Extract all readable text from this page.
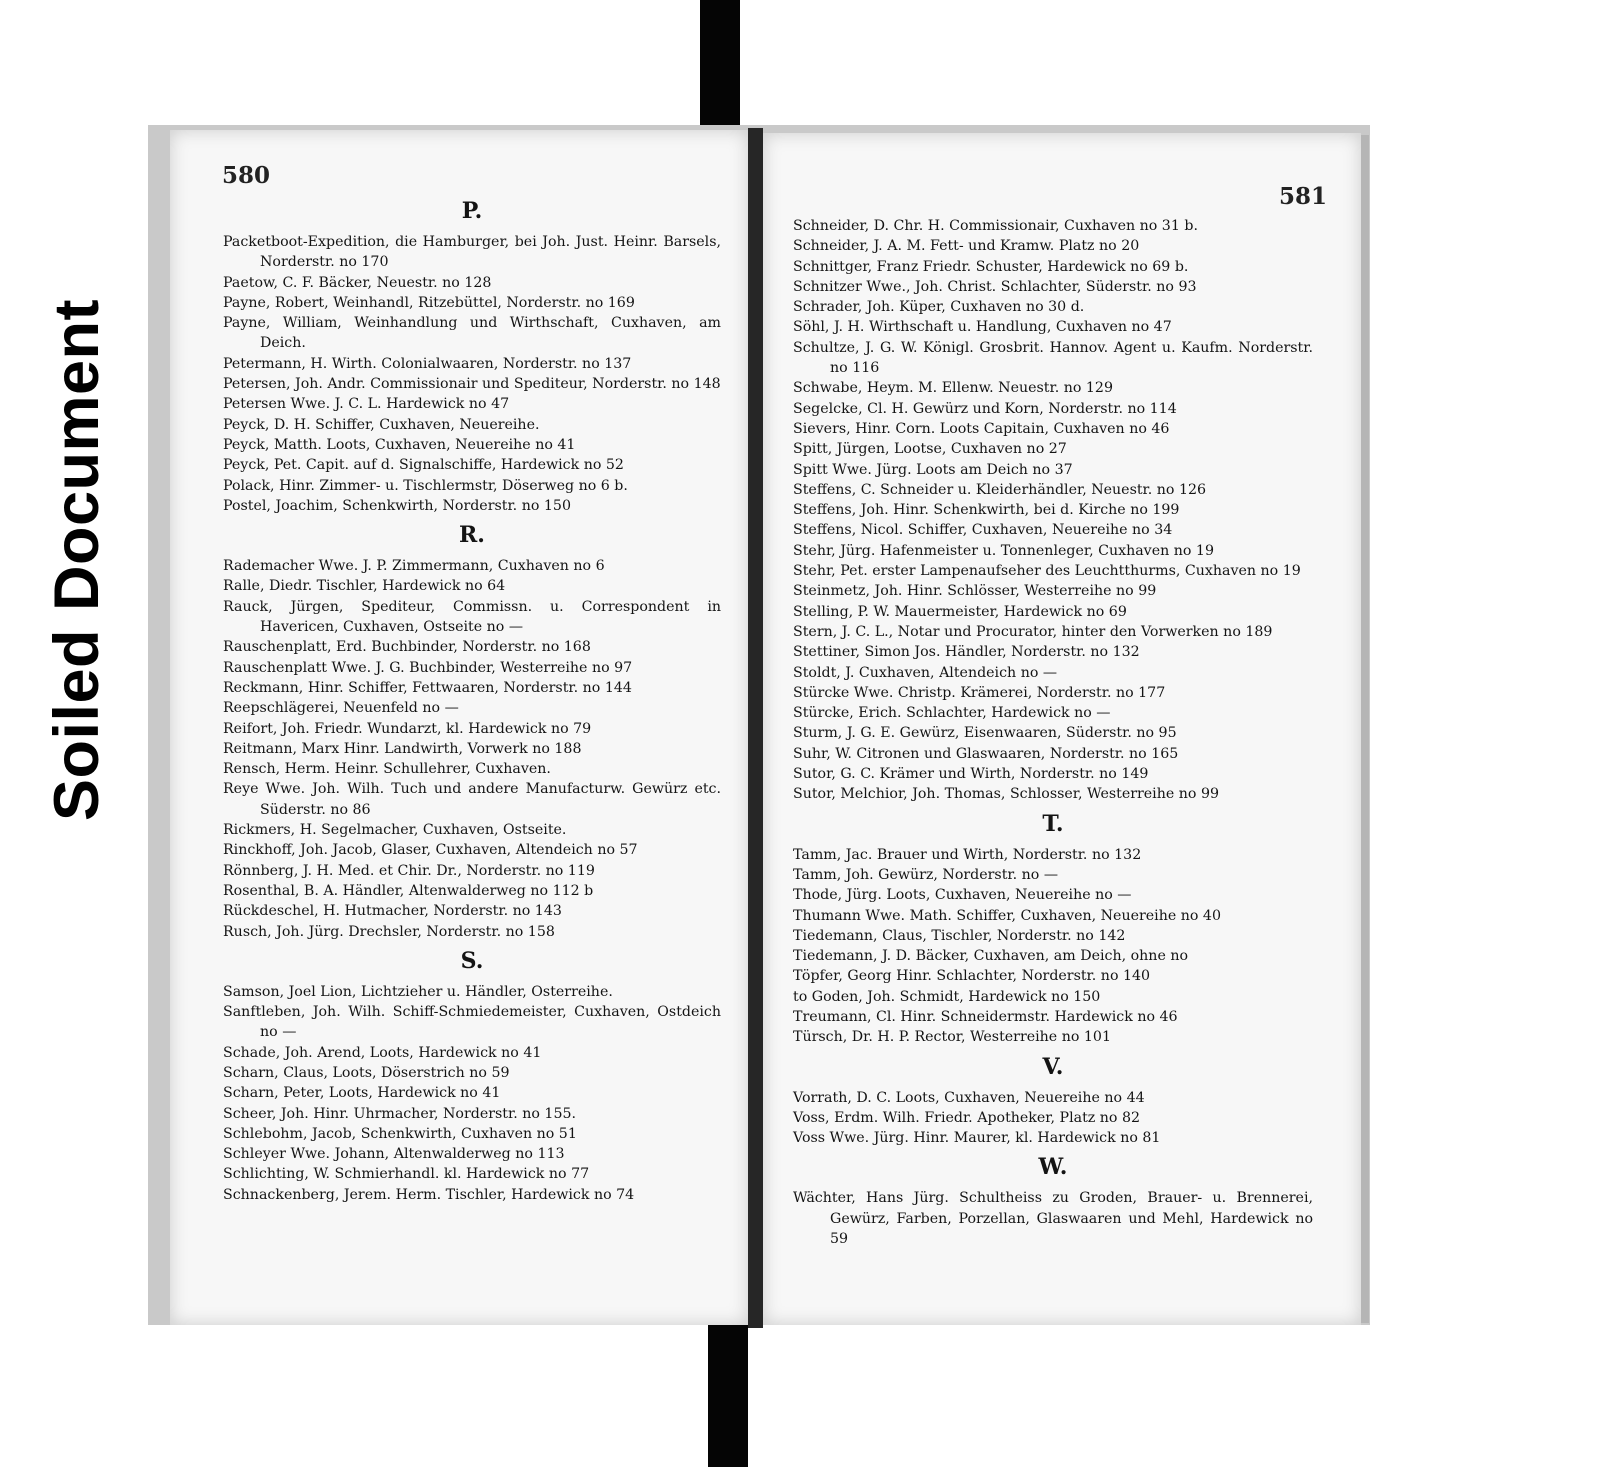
Soiled Document
580
P.
Packetboot-Expedition, die Hamburger, bei Joh. Just. Heinr. Barsels, Norderstr. no 170
Paetow, C. F. Bäcker, Neuestr. no 128
Payne, Robert, Weinhandl, Ritzebüttel, Norderstr. no 169
Payne, William, Weinhandlung und Wirthschaft, Cuxhaven, am Deich.
Petermann, H. Wirth. Colonialwaaren, Norderstr. no 137
Petersen, Joh. Andr. Commissionair und Spediteur, Norderstr. no 148
Petersen Wwe. J. C. L. Hardewick no 47
Peyck, D. H. Schiffer, Cuxhaven, Neuereihe.
Peyck, Matth. Loots, Cuxhaven, Neuereihe no 41
Peyck, Pet. Capit. auf d. Signalschiffe, Hardewick no 52
Polack, Hinr. Zimmer- u. Tischlermstr, Döserweg no 6 b.
Postel, Joachim, Schenkwirth, Norderstr. no 150
R.
Rademacher Wwe. J. P. Zimmermann, Cuxhaven no 6
Ralle, Diedr. Tischler, Hardewick no 64
Rauck, Jürgen, Spediteur, Commissn. u. Correspondent in Havericen, Cuxhaven, Ostseite no —
Rauschenplatt, Erd. Buchbinder, Norderstr. no 168
Rauschenplatt Wwe. J. G. Buchbinder, Westerreihe no 97
Reckmann, Hinr. Schiffer, Fettwaaren, Norderstr. no 144
Reepschlägerei, Neuenfeld no —
Reifort, Joh. Friedr. Wundarzt, kl. Hardewick no 79
Reitmann, Marx Hinr. Landwirth, Vorwerk no 188
Rensch, Herm. Heinr. Schullehrer, Cuxhaven.
Reye Wwe. Joh. Wilh. Tuch und andere Manufacturw. Gewürz etc. Süderstr. no 86
Rickmers, H. Segelmacher, Cuxhaven, Ostseite.
Rinckhoff, Joh. Jacob, Glaser, Cuxhaven, Altendeich no 57
Rönnberg, J. H. Med. et Chir. Dr., Norderstr. no 119
Rosenthal, B. A. Händler, Altenwalderweg no 112 b
Rückdeschel, H. Hutmacher, Norderstr. no 143
Rusch, Joh. Jürg. Drechsler, Norderstr. no 158
S.
Samson, Joel Lion, Lichtzieher u. Händler, Osterreihe.
Sanftleben, Joh. Wilh. Schiff-Schmiedemeister, Cuxhaven, Ostdeich no —
Schade, Joh. Arend, Loots, Hardewick no 41
Scharn, Claus, Loots, Döserstrich no 59
Scharn, Peter, Loots, Hardewick no 41
Scheer, Joh. Hinr. Uhrmacher, Norderstr. no 155.
Schlebohm, Jacob, Schenkwirth, Cuxhaven no 51
Schleyer Wwe. Johann, Altenwalderweg no 113
Schlichting, W. Schmierhandl. kl. Hardewick no 77
Schnackenberg, Jerem. Herm. Tischler, Hardewick no 74
581
Schneider, D. Chr. H. Commissionair, Cuxhaven no 31 b.
Schneider, J. A. M. Fett- und Kramw. Platz no 20
Schnittger, Franz Friedr. Schuster, Hardewick no 69 b.
Schnitzer Wwe., Joh. Christ. Schlachter, Süderstr. no 93
Schrader, Joh. Küper, Cuxhaven no 30 d.
Söhl, J. H. Wirthschaft u. Handlung, Cuxhaven no 47
Schultze, J. G. W. Königl. Grosbrit. Hannov. Agent u. Kaufm. Norderstr. no 116
Schwabe, Heym. M. Ellenw. Neuestr. no 129
Segelcke, Cl. H. Gewürz und Korn, Norderstr. no 114
Sievers, Hinr. Corn. Loots Capitain, Cuxhaven no 46
Spitt, Jürgen, Lootse, Cuxhaven no 27
Spitt Wwe. Jürg. Loots am Deich no 37
Steffens, C. Schneider u. Kleiderhändler, Neuestr. no 126
Steffens, Joh. Hinr. Schenkwirth, bei d. Kirche no 199
Steffens, Nicol. Schiffer, Cuxhaven, Neuereihe no 34
Stehr, Jürg. Hafenmeister u. Tonnenleger, Cuxhaven no 19
Stehr, Pet. erster Lampenaufseher des Leuchtthurms, Cuxhaven no 19
Steinmetz, Joh. Hinr. Schlösser, Westerreihe no 99
Stelling, P. W. Mauermeister, Hardewick no 69
Stern, J. C. L., Notar und Procurator, hinter den Vorwerken no 189
Stettiner, Simon Jos. Händler, Norderstr. no 132
Stoldt, J. Cuxhaven, Altendeich no —
Stürcke Wwe. Christp. Krämerei, Norderstr. no 177
Stürcke, Erich. Schlachter, Hardewick no —
Sturm, J. G. E. Gewürz, Eisenwaaren, Süderstr. no 95
Suhr, W. Citronen und Glaswaaren, Norderstr. no 165
Sutor, G. C. Krämer und Wirth, Norderstr. no 149
Sutor, Melchior, Joh. Thomas, Schlosser, Westerreihe no 99
T.
Tamm, Jac. Brauer und Wirth, Norderstr. no 132
Tamm, Joh. Gewürz, Norderstr. no —
Thode, Jürg. Loots, Cuxhaven, Neuereihe no —
Thumann Wwe. Math. Schiffer, Cuxhaven, Neuereihe no 40
Tiedemann, Claus, Tischler, Norderstr. no 142
Tiedemann, J. D. Bäcker, Cuxhaven, am Deich, ohne no
Töpfer, Georg Hinr. Schlachter, Norderstr. no 140
to Goden, Joh. Schmidt, Hardewick no 150
Treumann, Cl. Hinr. Schneidermstr. Hardewick no 46
Türsch, Dr. H. P. Rector, Westerreihe no 101
V.
Vorrath, D. C. Loots, Cuxhaven, Neuereihe no 44
Voss, Erdm. Wilh. Friedr. Apotheker, Platz no 82
Voss Wwe. Jürg. Hinr. Maurer, kl. Hardewick no 81
W.
Wächter, Hans Jürg. Schultheiss zu Groden, Brauer- u. Brennerei, Gewürz, Farben, Porzellan, Glaswaaren und Mehl, Hardewick no 59
